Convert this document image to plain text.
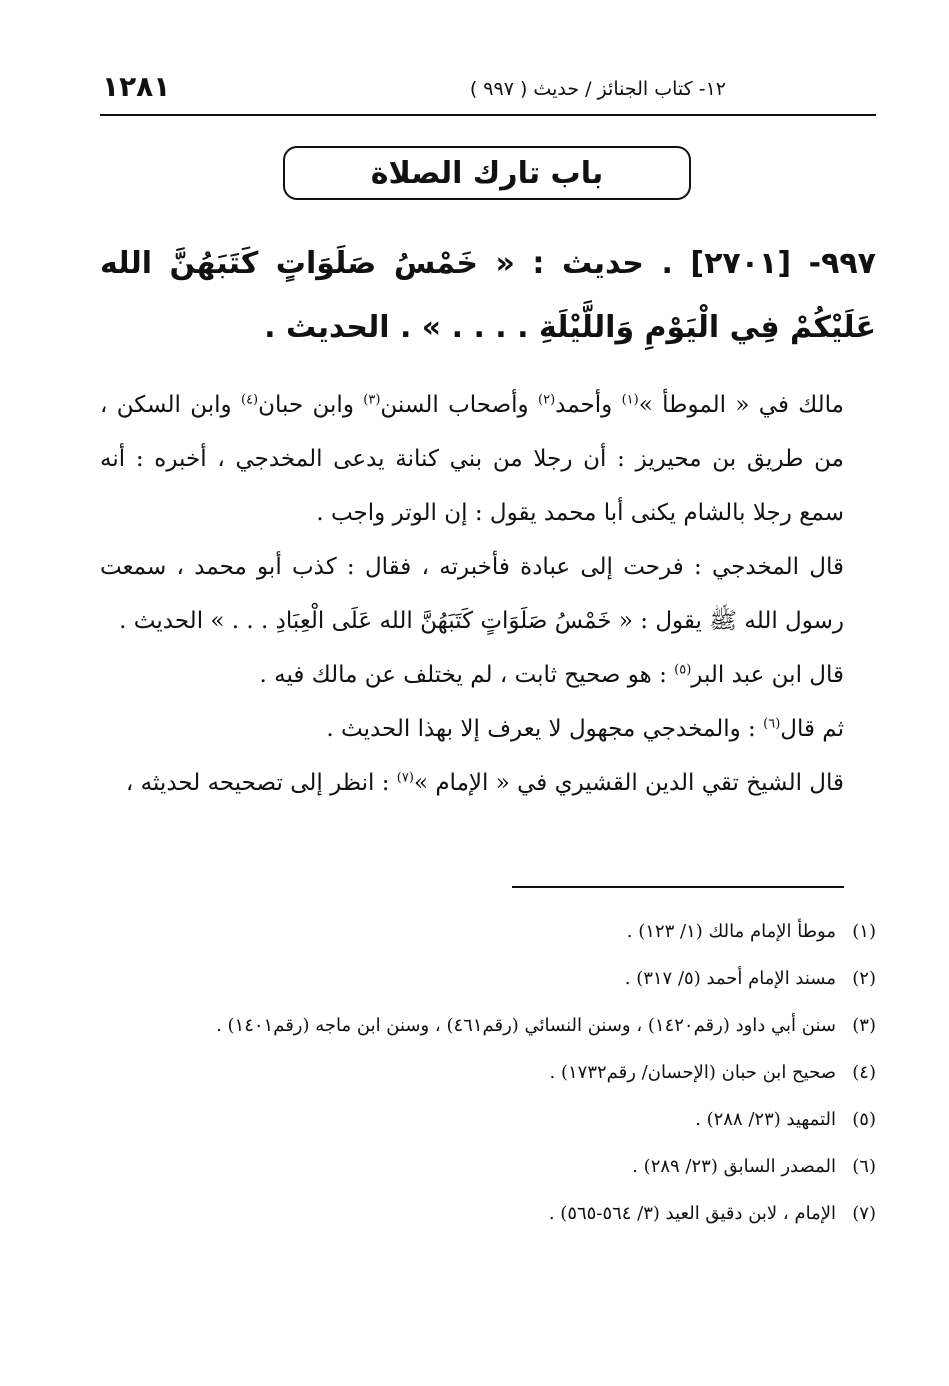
١٢٨١	١٢- كتاب الجنائز / حديث ( ٩٩٧ )
باب تارك الصلاة
٩٩٧- [٢٧٠١] . حديث : « خَمْسُ صَلَوَاتٍ كَتَبَهُنَّ الله عَلَيْكُمْ فِي الْيَوْمِ وَاللَّيْلَةِ . . . . » . الحديث .

مالك في « الموطأ »$^{(١)}$ وأحمد$^{(٢)}$ وأصحاب السنن$^{(٣)}$ وابن حبان$^{(٤)}$ وابن السكن ، من طريق بن محيريز : أن رجلا من بني كنانة يدعى المخدجي ، أخبره : أنه سمع رجلا بالشام يكنى أبا محمد يقول : إن الوتر واجب .

قال المخدجي : فرحت إلى عبادة فأخبرته ، فقال : كذب أبو محمد ، سمعت رسول الله ﷺ يقول : « خَمْسُ صَلَوَاتٍ كَتَبَهُنَّ الله عَلَى الْعِبَادِ . . . » الحديث .

قال ابن عبد البر$^{(٥)}$ : هو صحيح ثابت ، لم يختلف عن مالك فيه .

ثم قال$^{(٦)}$ : والمخدجي مجهول لا يعرف إلا بهذا الحديث .

قال الشيخ تقي الدين القشيري في « الإمام »$^{(٧)}$ : انظر إلى تصحيحه لحديثه ،

(١)موطأ الإمام مالك (١/ ١٢٣) .
(٢)مسند الإمام أحمد (٥/ ٣١٧) .
(٣)سنن أبي داود (رقم١٤٢٠) ، وسنن النسائي (رقم٤٦١) ، وسنن ابن ماجه (رقم١٤٠١) .
(٤)صحيح ابن حبان (الإحسان/ رقم١٧٣٢) .
(٥)التمهيد (٢٣/ ٢٨٨) .
(٦)المصدر السابق (٢٣/ ٢٨٩) .
(٧)الإمام ، لابن دقيق العيد (٣/ ٥٦٤-٥٦٥) .
